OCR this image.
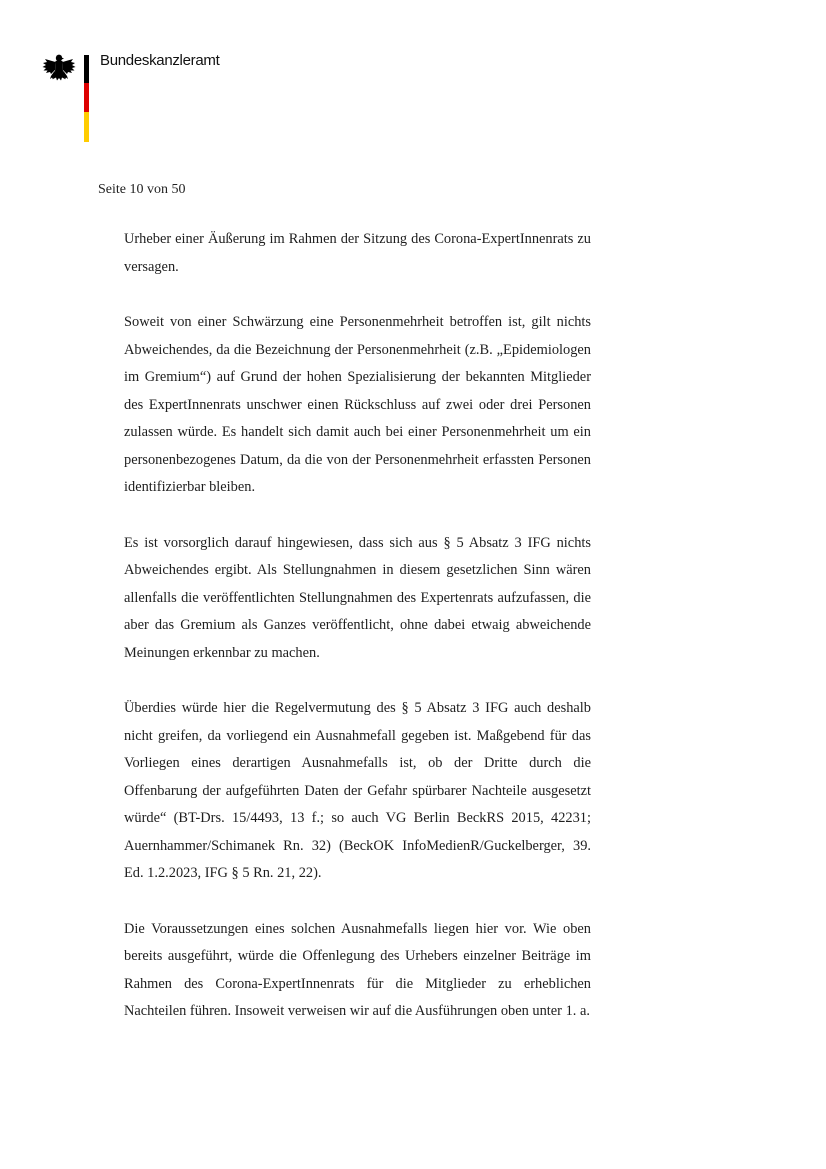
Bundeskanzleramt
Seite 10 von 50

Urheber einer Äußerung im Rahmen der Sitzung des Corona-ExpertInnenrats zu versagen.

Soweit von einer Schwärzung eine Personenmehrheit betroffen ist, gilt nichts Abweichendes, da die Bezeichnung der Personenmehrheit (z.B. „Epidemiologen im Gremium“) auf Grund der hohen Spezialisierung der bekannten Mitglieder des ExpertInnenrats unschwer einen Rückschluss auf zwei oder drei Personen zulassen würde. Es handelt sich damit auch bei einer Personenmehrheit um ein personenbezogenes Datum, da die von der Personenmehrheit erfassten Personen identifizierbar bleiben.

Es ist vorsorglich darauf hingewiesen, dass sich aus § 5 Absatz 3 IFG nichts Abweichendes ergibt. Als Stellungnahmen in diesem gesetzlichen Sinn wären allenfalls die veröffentlichten Stellungnahmen des Expertenrats aufzufassen, die aber das Gremium als Ganzes veröffentlicht, ohne dabei etwaig abweichende Meinungen erkennbar zu machen.

Überdies würde hier die Regelvermutung des § 5 Absatz 3 IFG auch deshalb nicht greifen, da vorliegend ein Ausnahmefall gegeben ist. Maßgebend für das Vorliegen eines derartigen Ausnahmefalls ist, ob der Dritte durch die Offenbarung der aufgeführten Daten der Gefahr spürbarer Nachteile ausgesetzt würde“ (BT-Drs. 15/4493, 13 f.; so auch VG Berlin BeckRS 2015, 42231; Auernhammer/Schimanek Rn. 32) (BeckOK InfoMedienR/Guckelberger, 39. Ed. 1.2.2023, IFG § 5 Rn. 21, 22).

Die Voraussetzungen eines solchen Ausnahmefalls liegen hier vor. Wie oben bereits ausgeführt, würde die Offenlegung des Urhebers einzelner Beiträge im Rahmen des Corona-ExpertInnenrats für die Mitglieder zu erheblichen Nachteilen führen. Insoweit verweisen wir auf die Ausführungen oben unter 1. a.
